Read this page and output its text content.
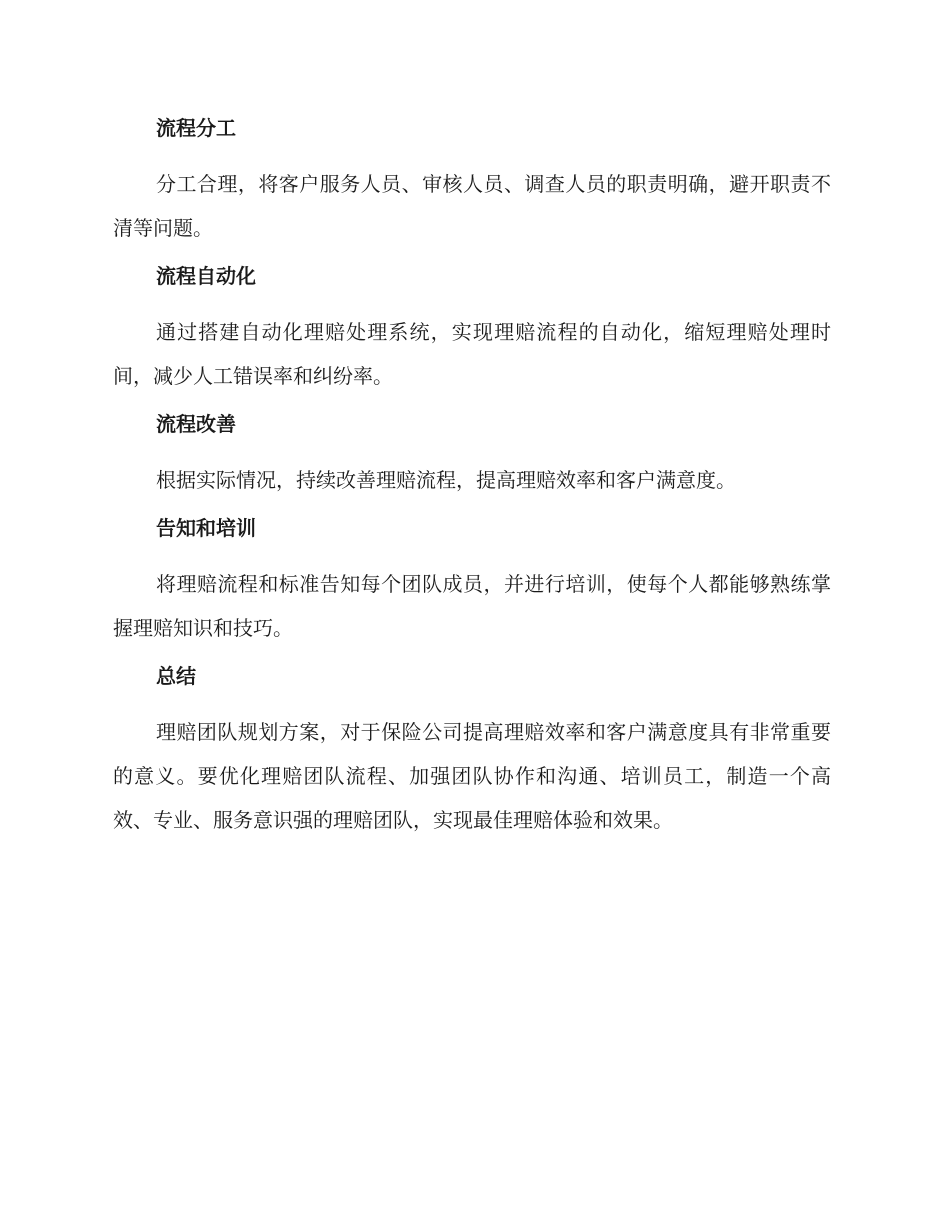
流程分工

分工合理，将客户服务人员、审核人员、调查人员的职责明确，避开职责不清等问题。

流程自动化

通过搭建自动化理赔处理系统，实现理赔流程的自动化，缩短理赔处理时间，减少人工错误率和纠纷率。

流程改善

根据实际情况，持续改善理赔流程，提高理赔效率和客户满意度。

告知和培训

将理赔流程和标准告知每个团队成员，并进行培训，使每个人都能够熟练掌握理赔知识和技巧。

总结

理赔团队规划方案，对于保险公司提高理赔效率和客户满意度具有非常重要的意义。要优化理赔团队流程、加强团队协作和沟通、培训员工，制造一个高效、专业、服务意识强的理赔团队，实现最佳理赔体验和效果。
